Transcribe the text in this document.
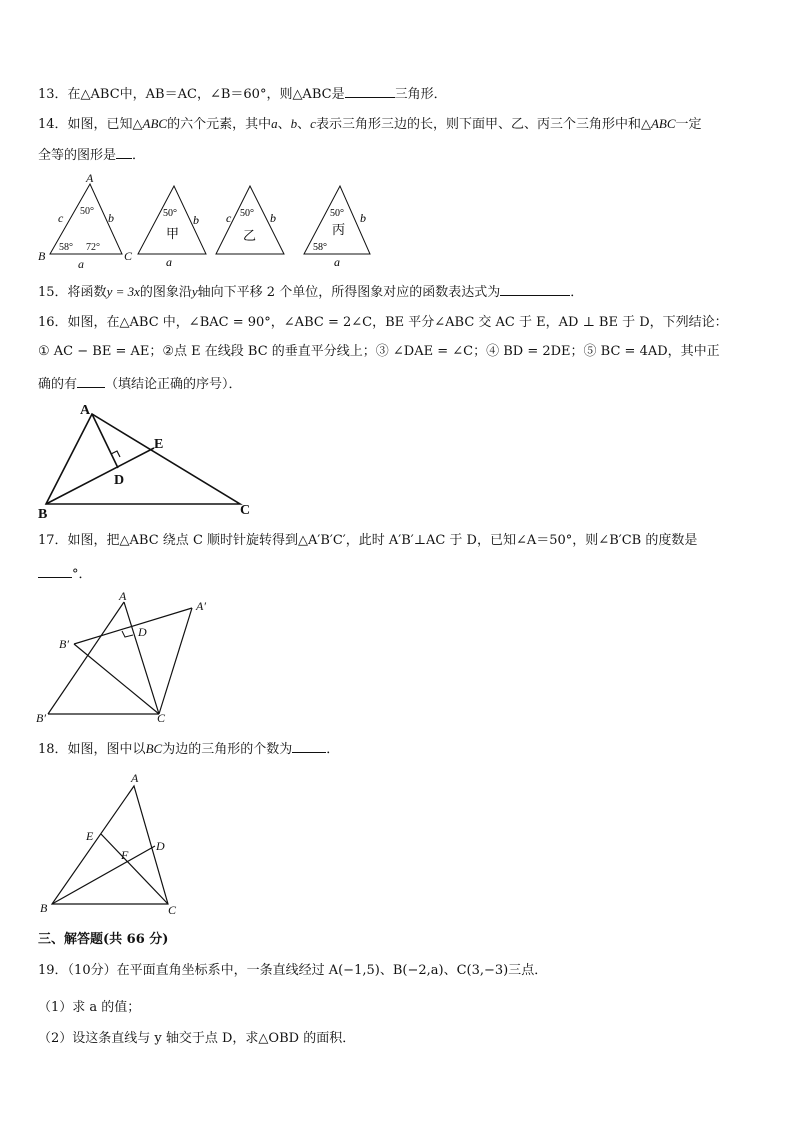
13．在△ABC中，AB＝AC，∠B＝60°，则△ABC是	三角形．
14．如图，已知△ABC的六个元素，其中a、b、c表示三角形三边的长，则下面甲、乙、丙三个三角形中和△ABC一定
全等的图形是 ．
A
B	C
c	b
a
50°
58° 72°
50° b
甲
a
50°
c	b
乙
50° b
丙
58°
a
15．将函数y = 3x的图象沿y轴向下平移 2 个单位，所得图象对应的函数表达式为	．
16．如图，在△ABC 中，∠BAC = 90°，∠ABC = 2∠C，BE 平分∠ABC 交 AC 于 E，AD ⊥ BE 于 D，下列结论：
① AC − BE = AE；②点 E 在线段 BC 的垂直平分线上；③ ∠DAE = ∠C；④ BD = 2DE；⑤ BC = 4AD，其中正
确的有 （填结论正确的序号）．
A
B	C
D
E
17．如图，把△ABC 绕点 C 顺时针旋转得到△A′B′C′，此时 A′B′⊥AC 于 D，已知∠A＝50°，则∠B′CB 的度数是
°．
A
A′
B′
B′	C
D
18．如图，图中以BC为边的三角形的个数为	．
A
B	C
D
E
F
三、解答题(共 66 分)
19．（10分）在平面直角坐标系中，一条直线经过 A(−1,5)、B(−2,a)、C(3,−3)三点．
（1）求 a 的值；
（2）设这条直线与 y 轴交于点 D，求△OBD 的面积．
